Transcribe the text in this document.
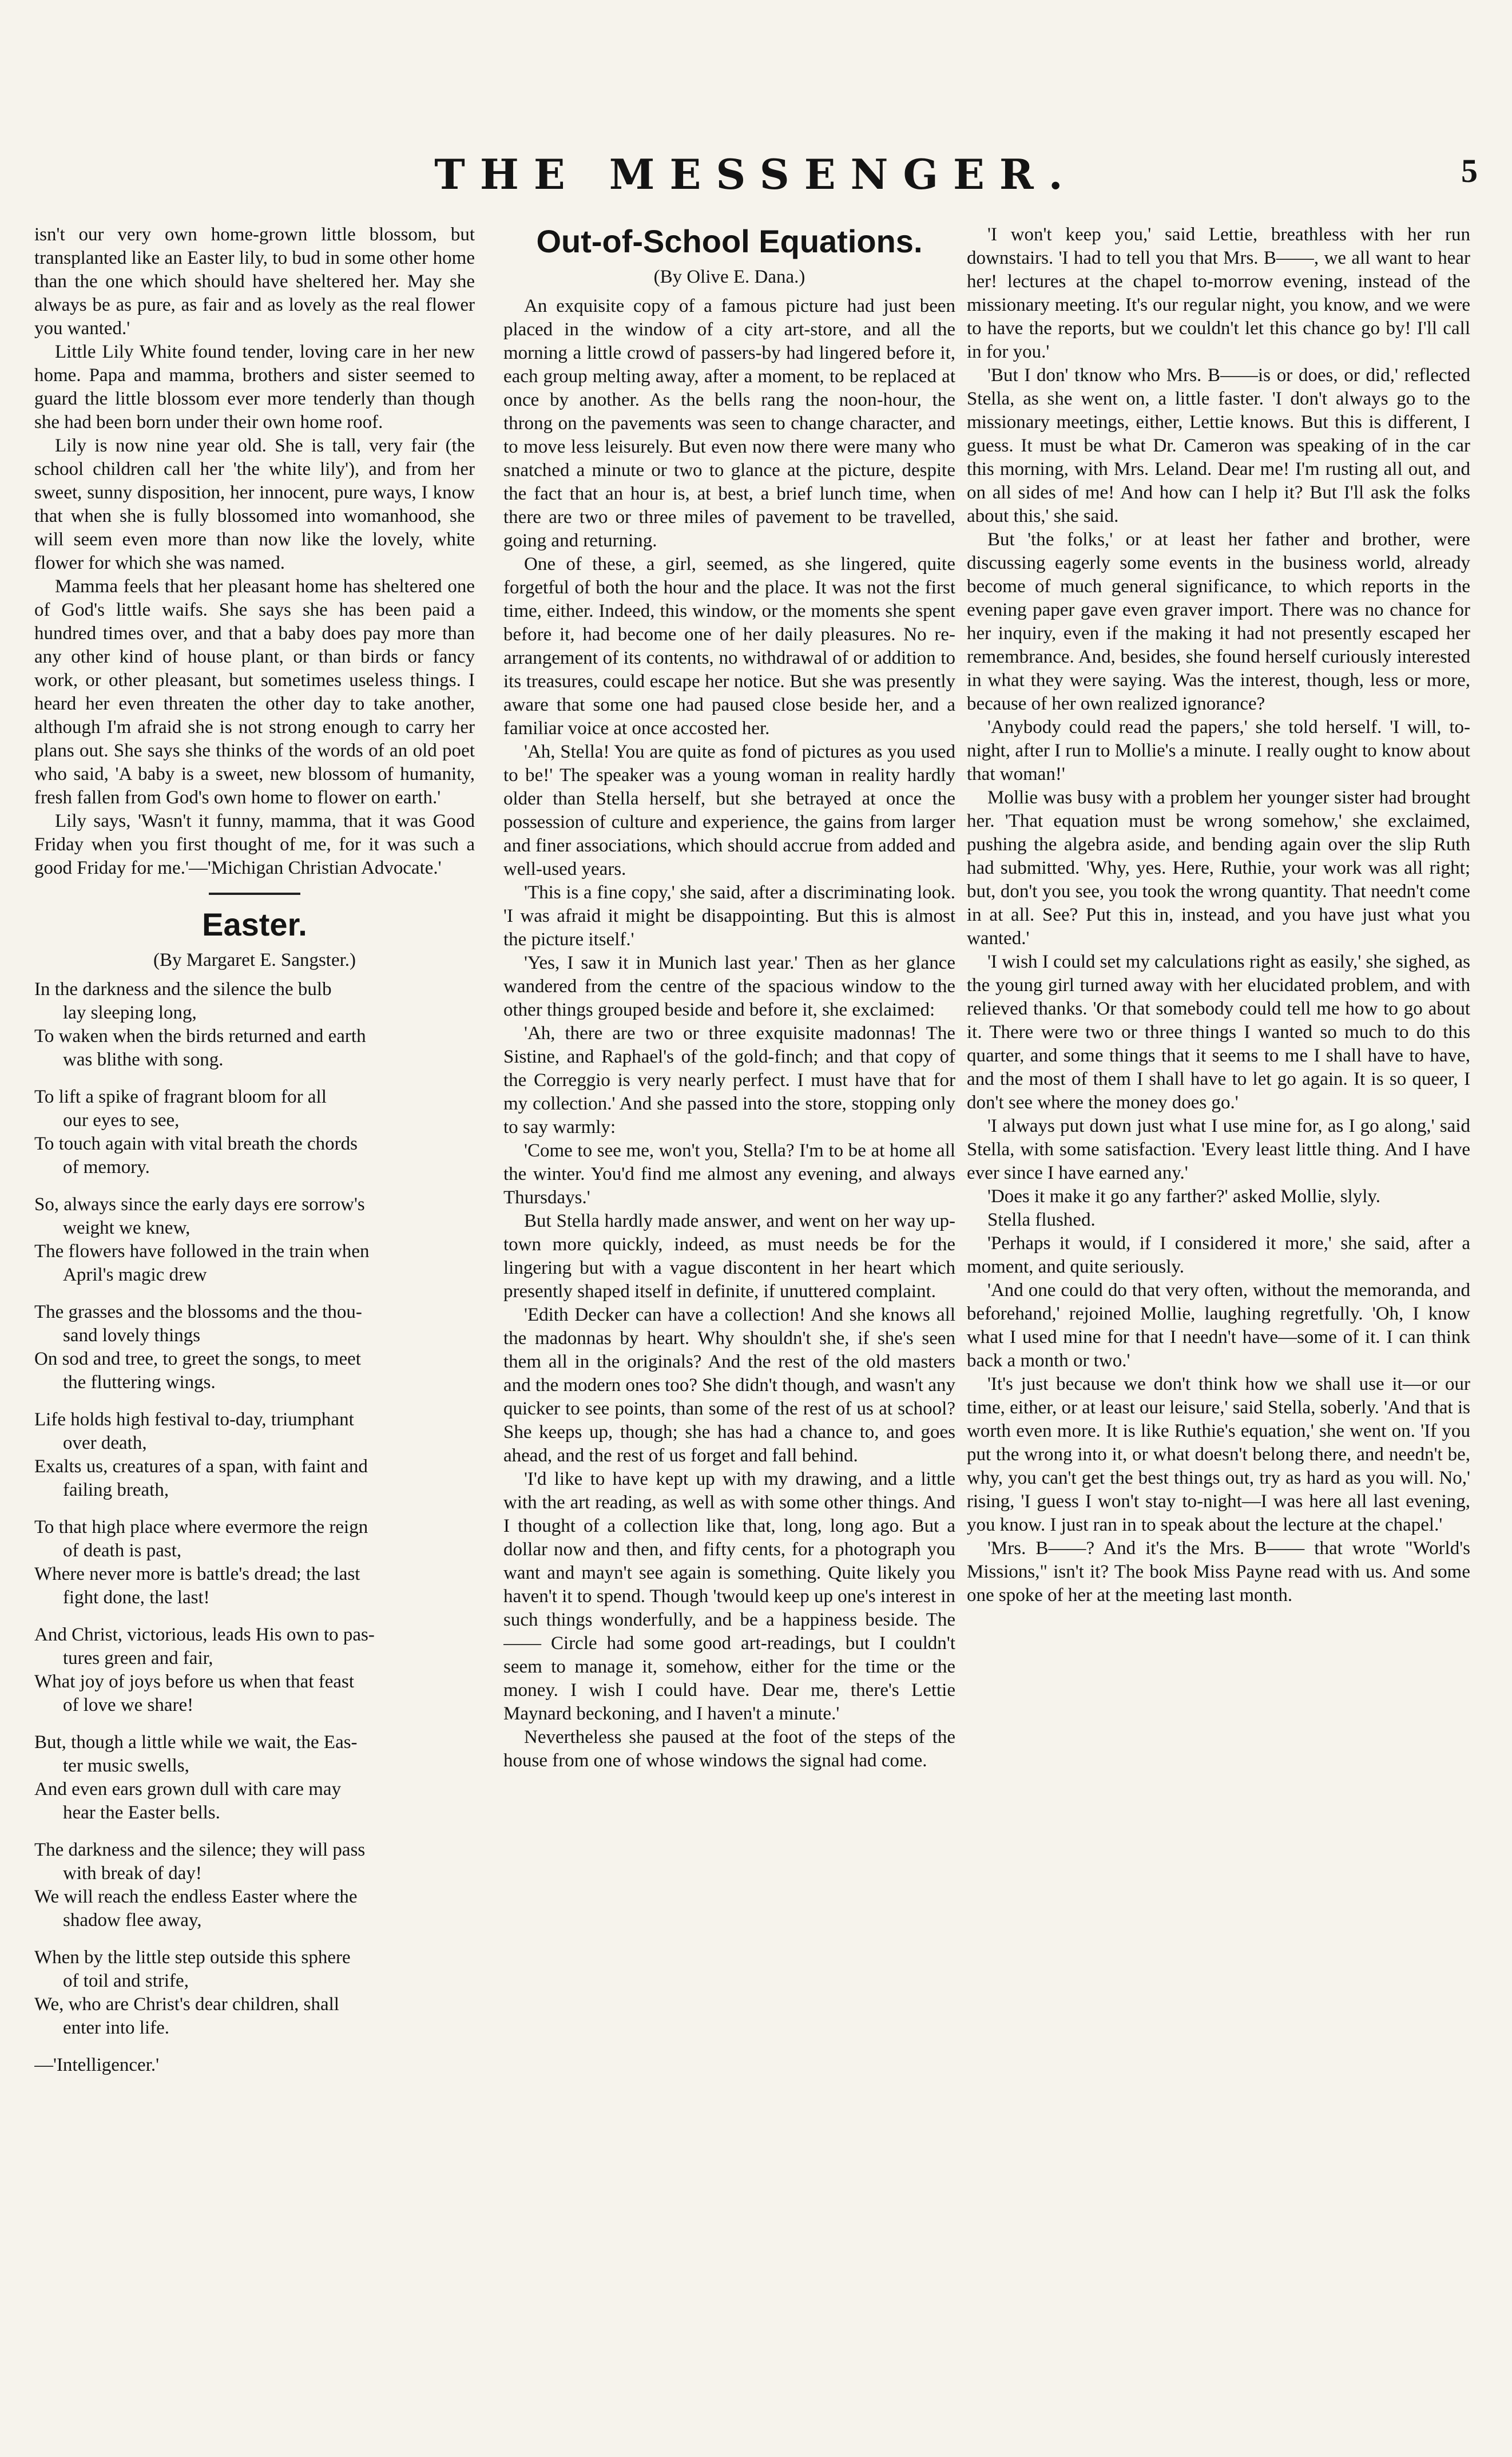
THE MESSENGER.	5

isn't our very own home-grown little blossom, but transplanted like an Easter lily, to bud in some other home than the one which should have sheltered her. May she always be as pure, as fair and as lovely as the real flower you wanted.'

Little Lily White found tender, loving care in her new home. Papa and mamma, brothers and sister seemed to guard the little blossom ever more tenderly than though she had been born under their own home roof.

Lily is now nine year old. She is tall, very fair (the school children call her 'the white lily'), and from her sweet, sunny disposition, her innocent, pure ways, I know that when she is fully blossomed into womanhood, she will seem even more than now like the lovely, white flower for which she was named.

Mamma feels that her pleasant home has sheltered one of God's little waifs. She says she has been paid a hundred times over, and that a baby does pay more than any other kind of house plant, or than birds or fancy work, or other pleasant, but sometimes useless things. I heard her even threaten the other day to take another, although I'm afraid she is not strong enough to carry her plans out. She says she thinks of the words of an old poet who said, 'A baby is a sweet, new blossom of humanity, fresh fallen from God's own home to flower on earth.'

Lily says, 'Wasn't it funny, mamma, that it was Good Friday when you first thought of me, for it was such a good Friday for me.'—'Michigan Christian Advocate.'

Easter.
(By Margaret E. Sangster.)
In the darkness and the silence the bulb
lay sleeping long,
To waken when the birds returned and earth
was blithe with song.
To lift a spike of fragrant bloom for all
our eyes to see,
To touch again with vital breath the chords
of memory.
So, always since the early days ere sorrow's
weight we knew,
The flowers have followed in the train when
April's magic drew
The grasses and the blossoms and the thou-
sand lovely things
On sod and tree, to greet the songs, to meet
the fluttering wings.
Life holds high festival to-day, triumphant
over death,
Exalts us, creatures of a span, with faint and
failing breath,
To that high place where evermore the reign
of death is past,
Where never more is battle's dread; the last
fight done, the last!
And Christ, victorious, leads His own to pas-
tures green and fair,
What joy of joys before us when that feast
of love we share!
But, though a little while we wait, the Eas-
ter music swells,
And even ears grown dull with care may
hear the Easter bells.
The darkness and the silence; they will pass
with break of day!
We will reach the endless Easter where the
shadow flee away,
When by the little step outside this sphere
of toil and strife,
We, who are Christ's dear children, shall
enter into life.
—'Intelligencer.'
Out-of-School Equations.
(By Olive E. Dana.)

An exquisite copy of a famous picture had just been placed in the window of a city art-store, and all the morning a little crowd of passers-by had lingered before it, each group melting away, after a moment, to be replaced at once by another. As the bells rang the noon-hour, the throng on the pavements was seen to change character, and to move less leisurely. But even now there were many who snatched a minute or two to glance at the picture, despite the fact that an hour is, at best, a brief lunch time, when there are two or three miles of pavement to be travelled, going and returning.

One of these, a girl, seemed, as she lingered, quite forgetful of both the hour and the place. It was not the first time, either. Indeed, this window, or the moments she spent before it, had become one of her daily pleasures. No re-arrangement of its contents, no withdrawal of or addition to its treasures, could escape her notice. But she was presently aware that some one had paused close beside her, and a familiar voice at once accosted her.

'Ah, Stella! You are quite as fond of pictures as you used to be!' The speaker was a young woman in reality hardly older than Stella herself, but she betrayed at once the possession of culture and experience, the gains from larger and finer associations, which should accrue from added and well-used years.

'This is a fine copy,' she said, after a discriminating look. 'I was afraid it might be disappointing. But this is almost the picture itself.'

'Yes, I saw it in Munich last year.' Then as her glance wandered from the centre of the spacious window to the other things grouped beside and before it, she exclaimed:

'Ah, there are two or three exquisite madonnas! The Sistine, and Raphael's of the gold-finch; and that copy of the Correggio is very nearly perfect. I must have that for my collection.' And she passed into the store, stopping only to say warmly:

'Come to see me, won't you, Stella? I'm to be at home all the winter. You'd find me almost any evening, and always Thursdays.'

But Stella hardly made answer, and went on her way up-town more quickly, indeed, as must needs be for the lingering but with a vague discontent in her heart which presently shaped itself in definite, if unuttered complaint.

'Edith Decker can have a collection! And she knows all the madonnas by heart. Why shouldn't she, if she's seen them all in the originals? And the rest of the old masters and the modern ones too? She didn't though, and wasn't any quicker to see points, than some of the rest of us at school? She keeps up, though; she has had a chance to, and goes ahead, and the rest of us forget and fall behind.

'I'd like to have kept up with my drawing, and a little with the art reading, as well as with some other things. And I thought of a collection like that, long, long ago. But a dollar now and then, and fifty cents, for a photograph you want and mayn't see again is something. Quite likely you haven't it to spend. Though 'twould keep up one's interest in such things wonderfully, and be a happiness beside. The—— Circle had some good art-readings, but I couldn't seem to manage it, somehow, either for the time or the money. I wish I could have. Dear me, there's Lettie Maynard beckoning, and I haven't a minute.'

Nevertheless she paused at the foot of the steps of the house from one of whose windows the signal had come.

'I won't keep you,' said Lettie, breathless with her run downstairs. 'I had to tell you that Mrs. B——, we all want to hear her! lectures at the chapel to-morrow evening, instead of the missionary meeting. It's our regular night, you know, and we were to have the reports, but we couldn't let this chance go by! I'll call in for you.'

'But I don' tknow who Mrs. B——is or does, or did,' reflected Stella, as she went on, a little faster. 'I don't always go to the missionary meetings, either, Lettie knows. But this is different, I guess. It must be what Dr. Cameron was speaking of in the car this morning, with Mrs. Leland. Dear me! I'm rusting all out, and on all sides of me! And how can I help it? But I'll ask the folks about this,' she said.

But 'the folks,' or at least her father and brother, were discussing eagerly some events in the business world, already become of much general significance, to which reports in the evening paper gave even graver import. There was no chance for her inquiry, even if the making it had not presently escaped her remembrance. And, besides, she found herself curiously interested in what they were saying. Was the interest, though, less or more, because of her own realized ignorance?

'Anybody could read the papers,' she told herself. 'I will, to-night, after I run to Mollie's a minute. I really ought to know about that woman!'

Mollie was busy with a problem her younger sister had brought her. 'That equation must be wrong somehow,' she exclaimed, pushing the algebra aside, and bending again over the slip Ruth had submitted. 'Why, yes. Here, Ruthie, your work was all right; but, don't you see, you took the wrong quantity. That needn't come in at all. See? Put this in, instead, and you have just what you wanted.'

'I wish I could set my calculations right as easily,' she sighed, as the young girl turned away with her elucidated problem, and with relieved thanks. 'Or that somebody could tell me how to go about it. There were two or three things I wanted so much to do this quarter, and some things that it seems to me I shall have to have, and the most of them I shall have to let go again. It is so queer, I don't see where the money does go.'

'I always put down just what I use mine for, as I go along,' said Stella, with some satisfaction. 'Every least little thing. And I have ever since I have earned any.'

'Does it make it go any farther?' asked Mollie, slyly.

Stella flushed.

'Perhaps it would, if I considered it more,' she said, after a moment, and quite seriously.

'And one could do that very often, without the memoranda, and beforehand,' rejoined Mollie, laughing regretfully. 'Oh, I know what I used mine for that I needn't have—some of it. I can think back a month or two.'

'It's just because we don't think how we shall use it—or our time, either, or at least our leisure,' said Stella, soberly. 'And that is worth even more. It is like Ruthie's equation,' she went on. 'If you put the wrong into it, or what doesn't belong there, and needn't be, why, you can't get the best things out, try as hard as you will. No,' rising, 'I guess I won't stay to-night—I was here all last evening, you know. I just ran in to speak about the lecture at the chapel.'

'Mrs. B——? And it's the Mrs. B—— that wrote "World's Missions," isn't it? The book Miss Payne read with us. And some one spoke of her at the meeting last month.
